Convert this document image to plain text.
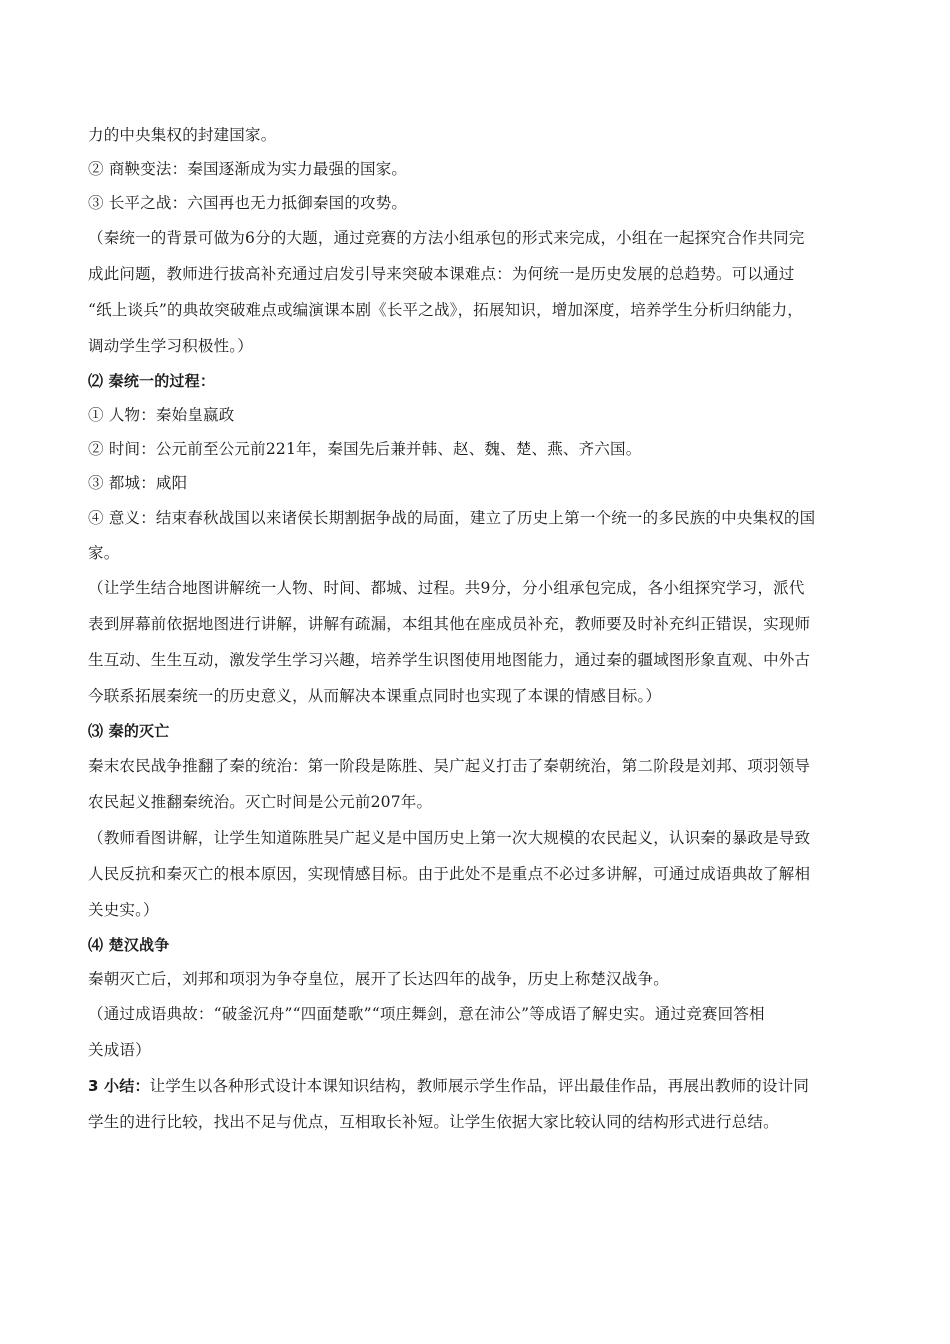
力的中央集权的封建国家。
② 商鞅变法：秦国逐渐成为实力最强的国家。
③ 长平之战：六国再也无力抵御秦国的攻势。
（秦统一的背景可做为6分的大题，通过竞赛的方法小组承包的形式来完成，小组在一起探究合作共同完
成此问题，教师进行拔高补充通过启发引导来突破本课难点：为何统一是历史发展的总趋势。可以通过
“纸上谈兵”的典故突破难点或编演课本剧《长平之战》，拓展知识，增加深度，培养学生分析归纳能力，
调动学生学习积极性。）
⑵ 秦统一的过程：
① 人物：秦始皇嬴政
② 时间：公元前至公元前221年，秦国先后兼并韩、赵、魏、楚、燕、齐六国。
③ 都城：咸阳
④ 意义：结束春秋战国以来诸侯长期割据争战的局面，建立了历史上第一个统一的多民族的中央集权的国
家。
（让学生结合地图讲解统一人物、时间、都城、过程。共9分，分小组承包完成，各小组探究学习，派代
表到屏幕前依据地图进行讲解，讲解有疏漏，本组其他在座成员补充，教师要及时补充纠正错误，实现师
生互动、生生互动，激发学生学习兴趣，培养学生识图使用地图能力，通过秦的疆域图形象直观、中外古
今联系拓展秦统一的历史意义，从而解决本课重点同时也实现了本课的情感目标。）
⑶ 秦的灭亡
秦末农民战争推翻了秦的统治：第一阶段是陈胜、吴广起义打击了秦朝统治，第二阶段是刘邦、项羽领导
农民起义推翻秦统治。灭亡时间是公元前207年。
（教师看图讲解，让学生知道陈胜吴广起义是中国历史上第一次大规模的农民起义，认识秦的暴政是导致
人民反抗和秦灭亡的根本原因，实现情感目标。由于此处不是重点不必过多讲解，可通过成语典故了解相
关史实。）
⑷ 楚汉战争
秦朝灭亡后，刘邦和项羽为争夺皇位，展开了长达四年的战争，历史上称楚汉战争。
（通过成语典故：“破釜沉舟”“四面楚歌”“项庄舞剑，意在沛公”等成语了解史实。通过竞赛回答相
关成语）
3 小结：让学生以各种形式设计本课知识结构，教师展示学生作品，评出最佳作品，再展出教师的设计同
学生的进行比较，找出不足与优点，互相取长补短。让学生依据大家比较认同的结构形式进行总结。
